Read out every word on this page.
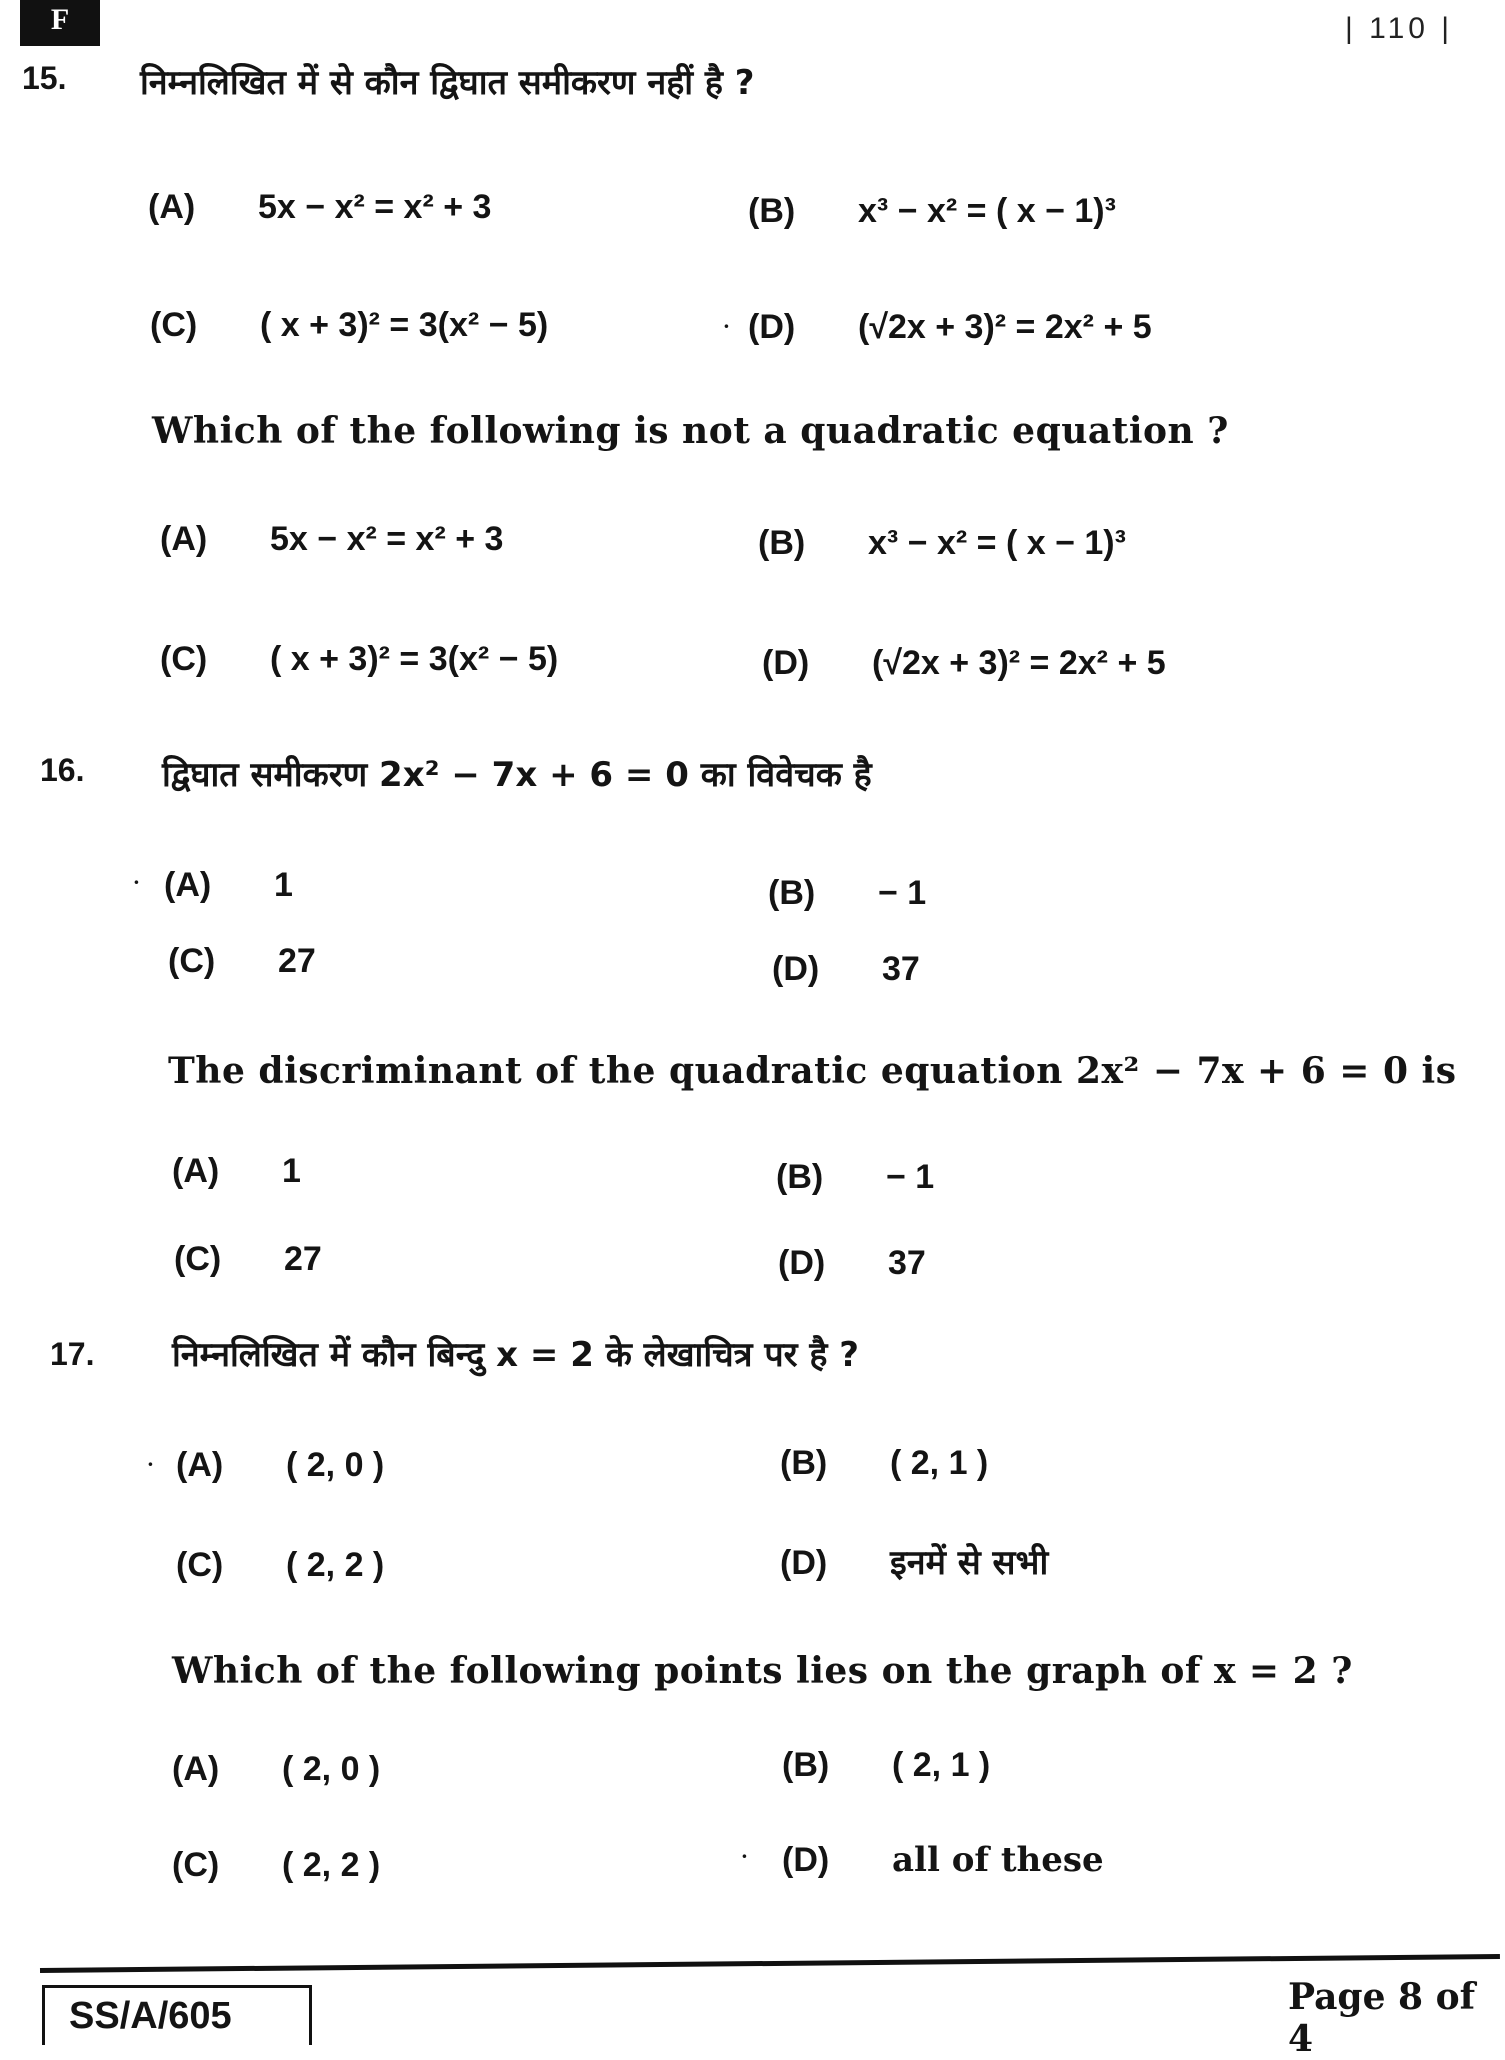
F	| 110 |
15. निम्नलिखित में से कौन द्विघात समीकरण नहीं है ?
(A) 5x − x² = x² + 3	(B) x³ − x² = ( x − 1)³
(C) ( x + 3)² = 3(x² − 5)	· (D) (√2x + 3)² = 2x² + 5
Which of the following is not a quadratic equation ?
(A) 5x − x² = x² + 3	(B) x³ − x² = ( x − 1)³
(C) ( x + 3)² = 3(x² − 5)	(D) (√2x + 3)² = 2x² + 5
16. द्विघात समीकरण 2x² − 7x + 6 = 0 का विवेचक है
· (A) 1	(B) − 1
(C) 27	(D) 37
The discriminant of the quadratic equation 2x² − 7x + 6 = 0 is
(A) 1	(B) − 1
(C) 27	(D) 37
17. निम्नलिखित में कौन बिन्दु x = 2 के लेखाचित्र पर है ?
· (A) ( 2, 0 )	(B) ( 2, 1 )
(C) ( 2, 2 )	(D) इनमें से सभी
Which of the following points lies on the graph of x = 2 ?
(A) ( 2, 0 )	(B) ( 2, 1 )
(C) ( 2, 2 )	· (D) all of these
SS/A/605	Page 8 of 4
